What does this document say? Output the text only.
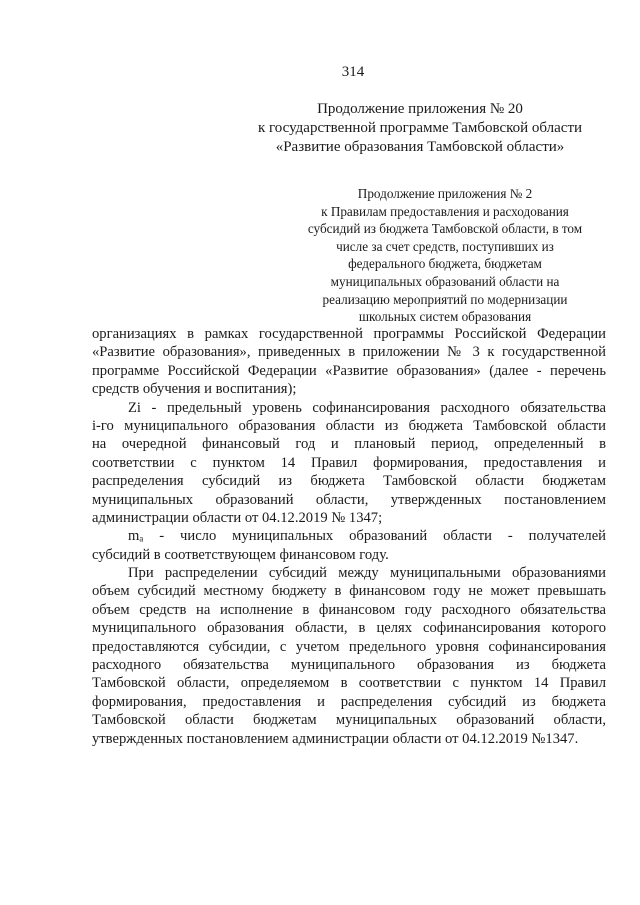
314
Продолжение приложения № 20
к государственной программе Тамбовской области
«Развитие образования Тамбовской области»
Продолжение приложения № 2
к Правилам предоставления и расходования
субсидий из бюджета Тамбовской области, в том
числе за счет средств, поступивших из
федерального бюджета, бюджетам
муниципальных образований области на
реализацию мероприятий по модернизации
школьных систем образования
организациях в рамках государственной программы Российской Федерации
«Развитие образования», приведенных в приложении № 3 к государственной
программе Российской Федерации «Развитие образования» (далее - перечень
средств обучения и воспитания);
Zi - предельный уровень софинансирования расходного обязательства
i-го муниципального образования области из бюджета Тамбовской области
на очередной финансовый год и плановый период, определенный в
соответствии с пунктом 14 Правил формирования, предоставления и
распределения субсидий из бюджета Тамбовской области бюджетам
муниципальных образований области, утвержденных постановлением
администрации области от 04.12.2019 № 1347;
mₐ - число муниципальных образований области - получателей
субсидий в соответствующем финансовом году.
При распределении субсидий между муниципальными образованиями
объем субсидий местному бюджету в финансовом году не может превышать
объем средств на исполнение в финансовом году расходного обязательства
муниципального образования области, в целях софинансирования которого
предоставляются субсидии, с учетом предельного уровня софинансирования
расходного обязательства муниципального образования из бюджета
Тамбовской области, определяемом в соответствии с пунктом 14 Правил
формирования, предоставления и распределения субсидий из бюджета
Тамбовской области бюджетам муниципальных образований области,
утвержденных постановлением администрации области от 04.12.2019 №1347.
